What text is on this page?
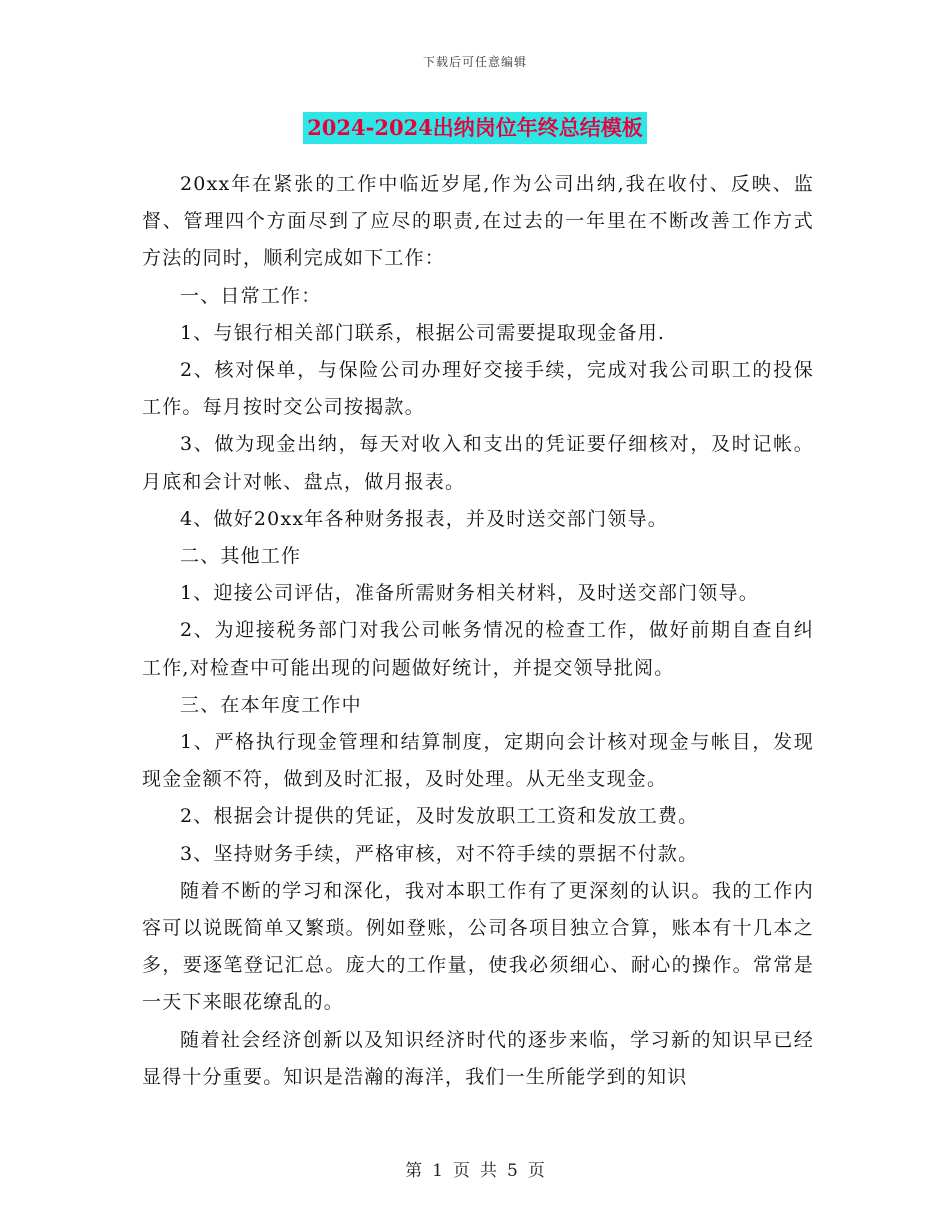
下载后可任意编辑
2024-2024出纳岗位年终总结模板

20xx年在紧张的工作中临近岁尾,作为公司出纳,我在收付、反映、监督、管理四个方面尽到了应尽的职责,在过去的一年里在不断改善工作方式方法的同时，顺利完成如下工作：

一、日常工作：

1、与银行相关部门联系，根据公司需要提取现金备用.

2、核对保单，与保险公司办理好交接手续，完成对我公司职工的投保工作。每月按时交公司按揭款。

3、做为现金出纳，每天对收入和支出的凭证要仔细核对，及时记帐。月底和会计对帐、盘点，做月报表。

4、做好20xx年各种财务报表，并及时送交部门领导。

二、其他工作

1、迎接公司评估，准备所需财务相关材料，及时送交部门领导。

2、为迎接税务部门对我公司帐务情况的检查工作，做好前期自查自纠工作,对检查中可能出现的问题做好统计，并提交领导批阅。

三、在本年度工作中

1、严格执行现金管理和结算制度，定期向会计核对现金与帐目，发现现金金额不符，做到及时汇报，及时处理。从无坐支现金。

2、根据会计提供的凭证，及时发放职工工资和发放工费。

3、坚持财务手续，严格审核，对不符手续的票据不付款。

随着不断的学习和深化，我对本职工作有了更深刻的认识。我的工作内容可以说既简单又繁琐。例如登账，公司各项目独立合算，账本有十几本之多，要逐笔登记汇总。庞大的工作量，使我必须细心、耐心的操作。常常是一天下来眼花缭乱的。

随着社会经济创新以及知识经济时代的逐步来临，学习新的知识早已经显得十分重要。知识是浩瀚的海洋，我们一生所能学到的知识

第 1 页 共 5 页
